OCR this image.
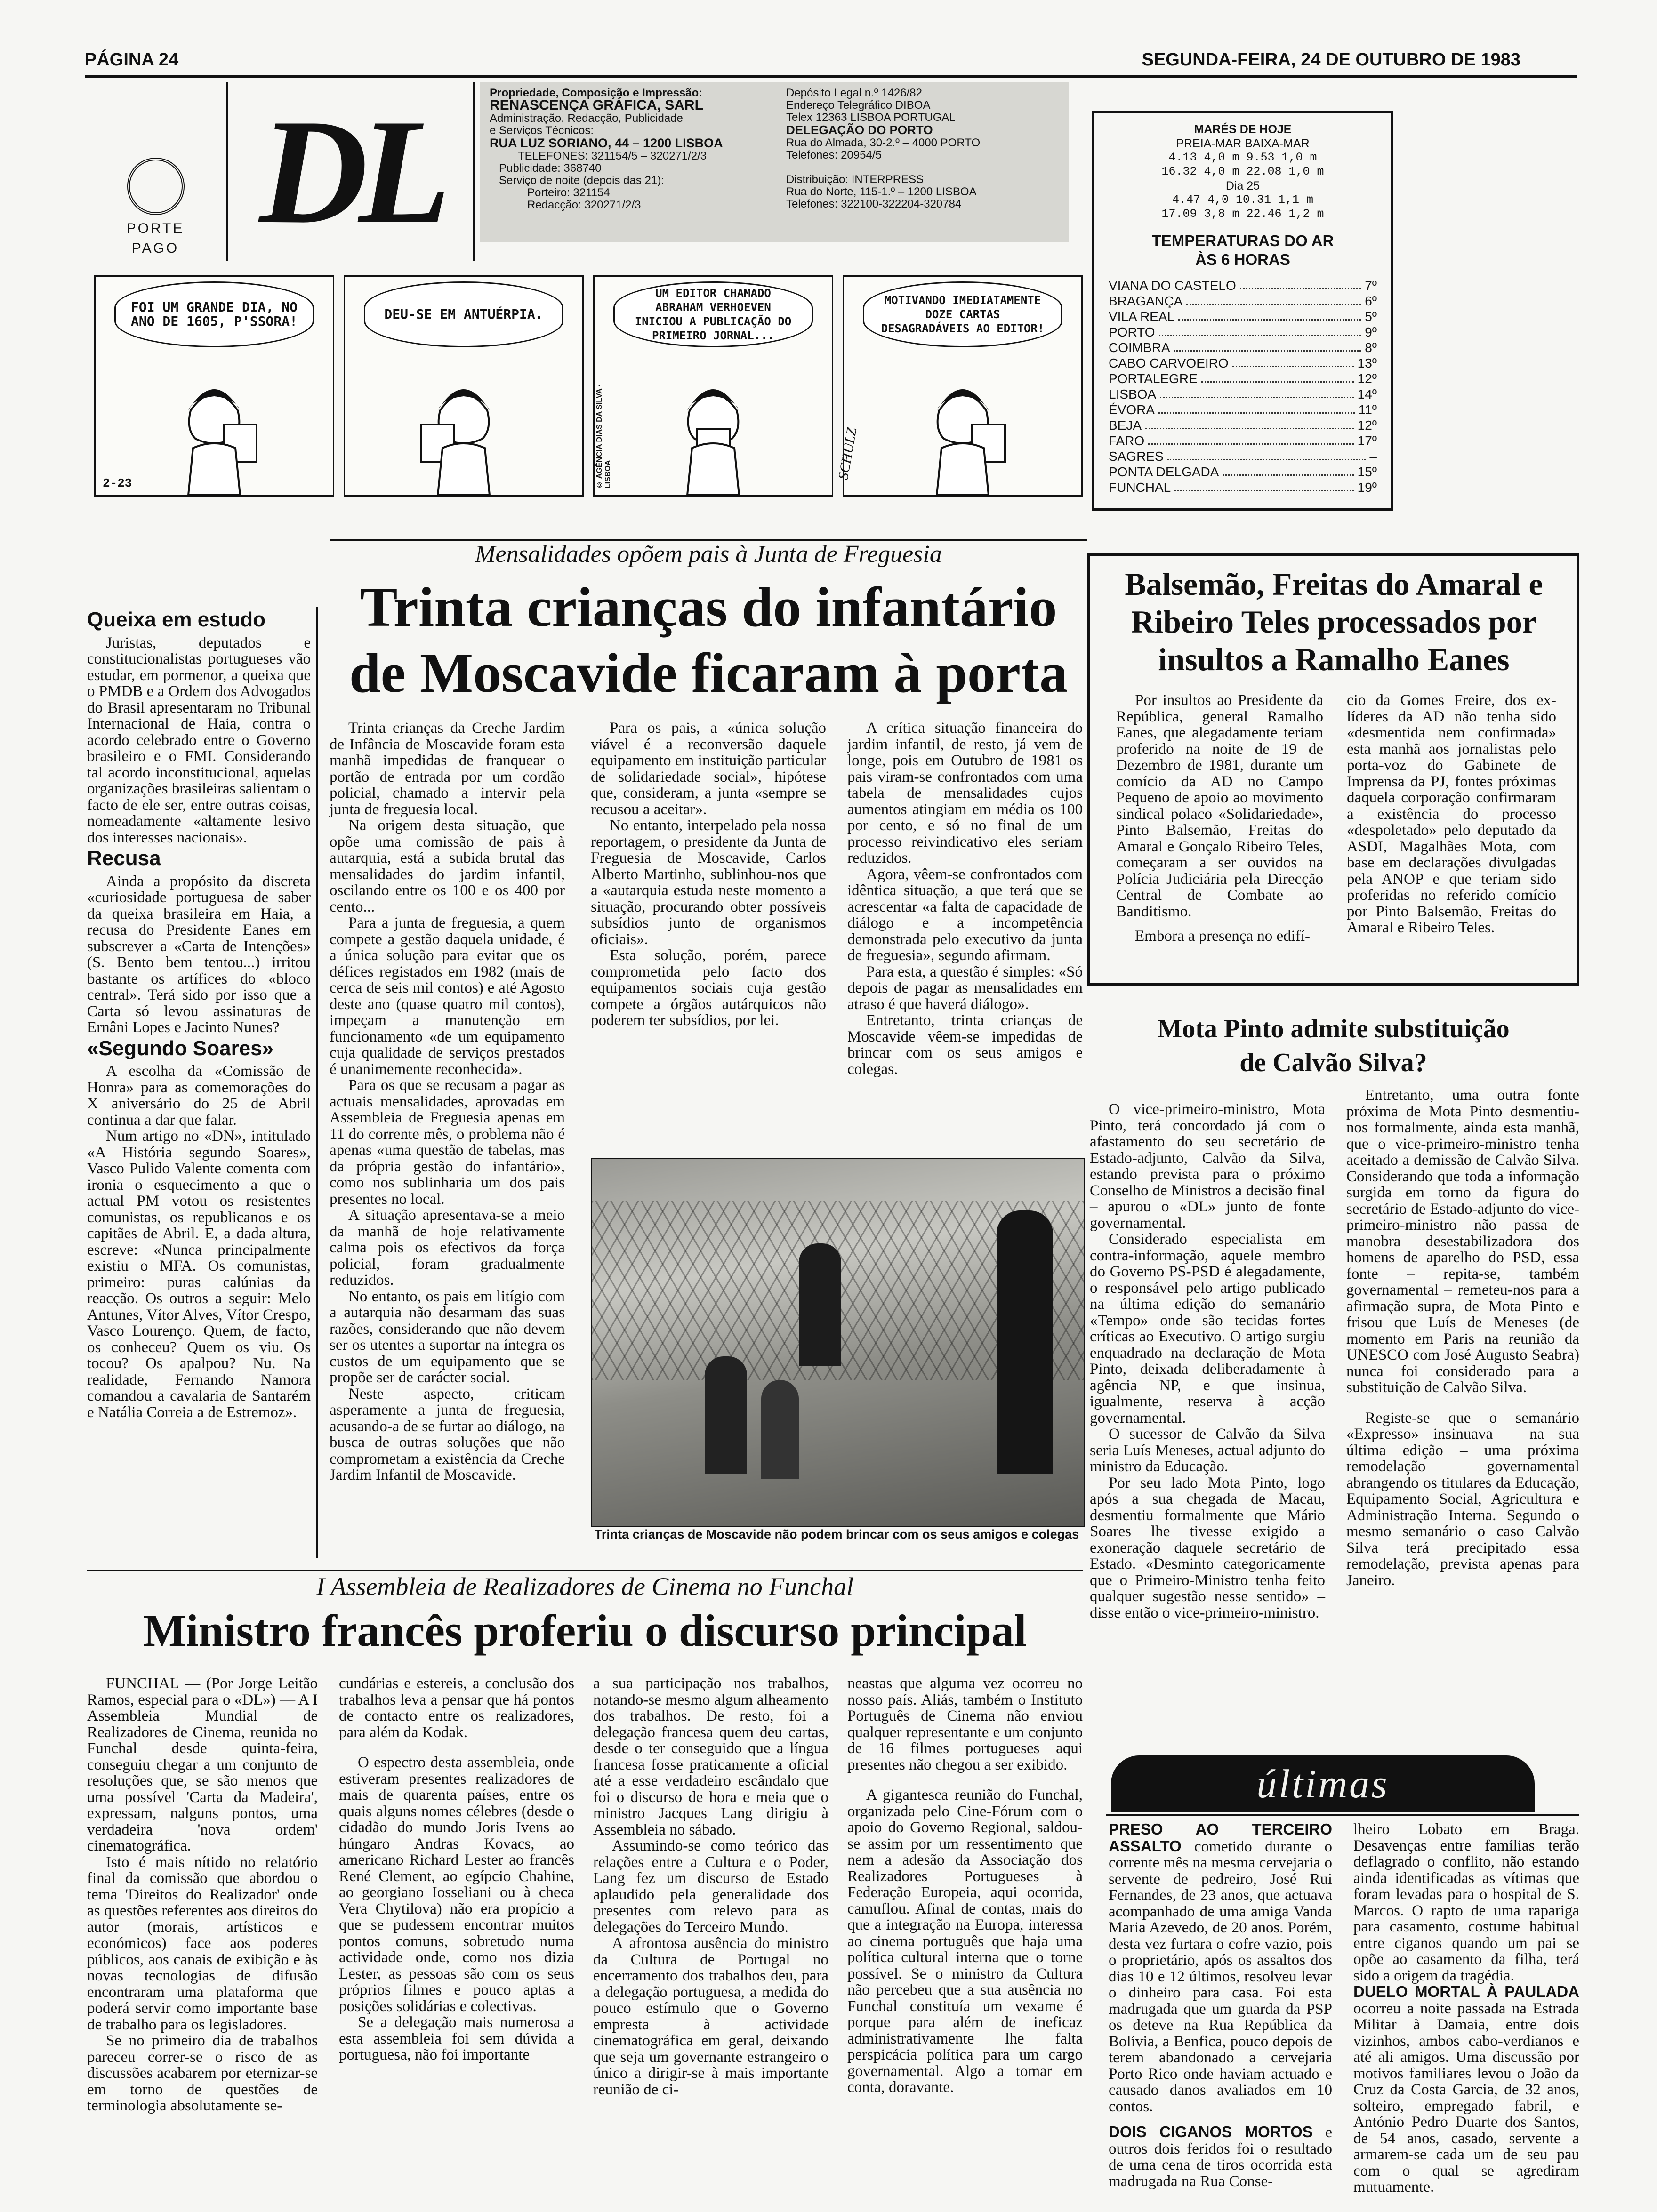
PÁGINA 24	SEGUNDA-FEIRA, 24 DE OUTUBRO DE 1983
PORTE
PAGO DL	Propriedade, Composição e Impressão:
RENASCENÇA GRÁFICA, SARL
Administração, Redacção, Publicidade
e Serviços Técnicos:
RUA LUZ SORIANO, 44 – 1200 LISBOA
TELEFONES: 321154/5 – 320271/2/3
Publicidade: 368740
Serviço de noite (depois das 21):
Porteiro: 321154
Redacção: 320271/2/3
Depósito Legal n.º 1426/82
Endereço Telegráfico DIBOA
Telex 12363 LISBOA PORTUGAL
DELEGAÇÃO DO PORTO
Rua do Almada, 30-2.º – 4000 PORTO
Telefones: 20954/5
Distribuição: INTERPRESS
Rua do Norte, 115-1.º – 1200 LISBOA
Telefones: 322100-322204-320784
MARÉS DE HOJE
PREIA-MAR BAIXA-MAR
4.13 4,0 m 9.53 1,0 m
16.32 4,0 m 22.08 1,0 m
Dia 25
4.47 4,0 10.31 1,1 m
17.09 3,8 m 22.46 1,2 m
TEMPERATURAS DO AR
ÀS 6 HORAS
VIANA DO CASTELO	7º
BRAGANÇA	6º
VILA REAL	5º
PORTO	9º
COIMBRA	8º
CABO CARVOEIRO	13º
PORTALEGRE	12º
LISBOA	14º
ÉVORA	11º
BEJA	12º
FARO	17º
SAGRES	–
PONTA DELGADA	15º
FUNCHAL	19º
FOI UM GRANDE DIA, NO ANO DE 1605, P'SSORA!
2-23
DEU-SE EM ANTUÉRPIA.
UM EDITOR CHAMADO ABRAHAM VERHOEVEN INICIOU A PUBLICAÇÃO DO PRIMEIRO JORNAL...
© AGÊNCIA DIAS DA SILVA · LISBOA
MOTIVANDO IMEDIATAMENTE DOZE CARTAS DESAGRADÁVEIS AO EDITOR!
SCHULZ
Mensalidades opõem pais à Junta de Freguesia
Trinta crianças do infantário
de Moscavide ficaram à porta
Queixa em estudo

Juristas, deputados e constitucionalistas portugueses vão estudar, em pormenor, a queixa que o PMDB e a Ordem dos Advogados do Brasil apresentaram no Tribunal Internacional de Haia, contra o acordo celebrado entre o Governo brasileiro e o FMI. Considerando tal acordo inconstitucional, aquelas organizações brasileiras salientam o facto de ele ser, entre outras coisas, nomeadamente «altamente lesivo dos interesses nacionais».

Recusa

Ainda a propósito da discreta «curiosidade portuguesa de saber da queixa brasileira em Haia, a recusa do Presidente Eanes em subscrever a «Carta de Intenções» (S. Bento bem tentou...) irritou bastante os artífices do «bloco central». Terá sido por isso que a Carta só levou assinaturas de Ernâni Lopes e Jacinto Nunes?

«Segundo Soares»

A escolha da «Comissão de Honra» para as comemorações do X aniversário do 25 de Abril continua a dar que falar.

Num artigo no «DN», intitulado «A História segundo Soares», Vasco Pulido Valente comenta com ironia o esquecimento a que o actual PM votou os resistentes comunistas, os republicanos e os capitães de Abril. E, a dada altura, escreve: «Nunca principalmente existiu o MFA. Os comunistas, primeiro: puras calúnias da reacção. Os outros a seguir: Melo Antunes, Vítor Alves, Vítor Crespo, Vasco Lourenço. Quem, de facto, os conheceu? Quem os viu. Os tocou? Os apalpou? Nu. Na realidade, Fernando Namora comandou a cavalaria de Santarém e Natália Correia a de Estremoz».

Trinta crianças da Creche Jardim de Infância de Moscavide foram esta manhã impedidas de franquear o portão de entrada por um cordão policial, chamado a intervir pela junta de freguesia local.

Na origem desta situação, que opõe uma comissão de pais à autarquia, está a subida brutal das mensalidades do jardim infantil, oscilando entre os 100 e os 400 por cento...

Para a junta de freguesia, a quem compete a gestão daquela unidade, é a única solução para evitar que os défices registados em 1982 (mais de cerca de seis mil contos) e até Agosto deste ano (quase quatro mil contos), impeçam a manutenção em funcionamento «de um equipamento cuja qualidade de serviços prestados é unanimemente reconhecida».

Para os que se recusam a pagar as actuais mensalidades, aprovadas em Assembleia de Freguesia apenas em 11 do corrente mês, o problema não é apenas «uma questão de tabelas, mas da própria gestão do infantário», como nos sublinharia um dos pais presentes no local.

A situação apresentava-se a meio da manhã de hoje relativamente calma pois os efectivos da força policial, foram gradualmente reduzidos.

No entanto, os pais em litígio com a autarquia não desarmam das suas razões, considerando que não devem ser os utentes a suportar na íntegra os custos de um equipamento que se propõe ser de carácter social.

Neste aspecto, criticam asperamente a junta de freguesia, acusando-a de se furtar ao diálogo, na busca de outras soluções que não comprometam a existência da Creche Jardim Infantil de Moscavide.

Para os pais, a «única solução viável é a reconversão daquele equipamento em instituição particular de solidariedade social», hipótese que, consideram, a junta «sempre se recusou a aceitar».

No entanto, interpelado pela nossa reportagem, o presidente da Junta de Freguesia de Moscavide, Carlos Alberto Martinho, sublinhou-nos que a «autarquia estuda neste momento a situação, procurando obter possíveis subsídios junto de organismos oficiais».

Esta solução, porém, parece comprometida pelo facto dos equipamentos sociais cuja gestão compete a órgãos autárquicos não poderem ter subsídios, por lei.

A crítica situação financeira do jardim infantil, de resto, já vem de longe, pois em Outubro de 1981 os pais viram-se confrontados com uma tabela de mensalidades cujos aumentos atingiam em média os 100 por cento, e só no final de um processo reivindicativo eles seriam reduzidos.

Agora, vêem-se confrontados com idêntica situação, a que terá que se acrescentar «a falta de capacidade de diálogo e a incompetência demonstrada pelo executivo da junta de freguesia», segundo afirmam.

Para esta, a questão é simples: «Só depois de pagar as mensalidades em atraso é que haverá diálogo».

Entretanto, trinta crianças de Moscavide vêem-se impedidas de brincar com os seus amigos e colegas.

Trinta crianças de Moscavide não podem brincar com os seus amigos e colegas
Balsemão, Freitas do Amaral e Ribeiro Teles processados por insultos a Ramalho Eanes

Por insultos ao Presidente da República, general Ramalho Eanes, que alegadamente teriam proferido na noite de 19 de Dezembro de 1981, durante um comício da AD no Campo Pequeno de apoio ao movimento sindical polaco «Solidariedade», Pinto Balsemão, Freitas do Amaral e Gonçalo Ribeiro Teles, começaram a ser ouvidos na Polícia Judiciária pela Direcção Central de Combate ao Banditismo.

Embora a presença no edifí-

cio da Gomes Freire, dos ex-líderes da AD não tenha sido «desmentida nem confirmada» esta manhã aos jornalistas pelo porta-voz do Gabinete de Imprensa da PJ, fontes próximas daquela corporação confirmaram a existência do processo «despoletado» pelo deputado da ASDI, Magalhães Mota, com base em declarações divulgadas pela ANOP e que teriam sido proferidas no referido comício por Pinto Balsemão, Freitas do Amaral e Ribeiro Teles.

Mota Pinto admite substituição
de Calvão Silva?

O vice-primeiro-ministro, Mota Pinto, terá concordado já com o afastamento do seu secretário de Estado-adjunto, Calvão da Silva, estando prevista para o próximo Conselho de Ministros a decisão final – apurou o «DL» junto de fonte governamental.

Considerado especialista em contra-informação, aquele membro do Governo PS-PSD é alegadamente, o responsável pelo artigo publicado na última edição do semanário «Tempo» onde são tecidas fortes críticas ao Executivo. O artigo surgiu enquadrado na declaração de Mota Pinto, deixada deliberadamente à agência NP, e que insinua, igualmente, reserva à acção governamental.

O sucessor de Calvão da Silva seria Luís Meneses, actual adjunto do ministro da Educação.

Por seu lado Mota Pinto, logo após a sua chegada de Macau, desmentiu formalmente que Mário Soares lhe tivesse exigido a exoneração daquele secretário de Estado. «Desminto categoricamente que o Primeiro-Ministro tenha feito qualquer sugestão nesse sentido» – disse então o vice-primeiro-ministro.

Entretanto, uma outra fonte próxima de Mota Pinto desmentiu-nos formalmente, ainda esta manhã, que o vice-primeiro-ministro tenha aceitado a demissão de Calvão Silva. Considerando que toda a informação surgida em torno da figura do secretário de Estado-adjunto do vice-primeiro-ministro não passa de manobra desestabilizadora dos homens de aparelho do PSD, essa fonte – repita-se, também governamental – remeteu-nos para a afirmação supra, de Mota Pinto e frisou que Luís de Meneses (de momento em Paris na reunião da UNESCO com José Augusto Seabra) nunca foi considerado para a substituição de Calvão Silva.

Registe-se que o semanário «Expresso» insinuava – na sua última edição – uma próxima remodelação governamental abrangendo os titulares da Educação, Equipamento Social, Agricultura e Administração Interna. Segundo o mesmo semanário o caso Calvão Silva terá precipitado essa remodelação, prevista apenas para Janeiro.

I Assembleia de Realizadores de Cinema no Funchal
Ministro francês proferiu o discurso principal

FUNCHAL — (Por Jorge Leitão Ramos, especial para o «DL») — A I Assembleia Mundial de Realizadores de Cinema, reunida no Funchal desde quinta-feira, conseguiu chegar a um conjunto de resoluções que, se são menos que uma possível 'Carta da Madeira', expressam, nalguns pontos, uma verdadeira 'nova ordem' cinematográfica.

Isto é mais nítido no relatório final da comissão que abordou o tema 'Direitos do Realizador' onde as questões referentes aos direitos do autor (morais, artísticos e económicos) face aos poderes públicos, aos canais de exibição e às novas tecnologias de difusão encontraram uma plataforma que poderá servir como importante base de trabalho para os legisladores.

Se no primeiro dia de trabalhos pareceu correr-se o risco de as discussões acabarem por eternizar-se em torno de questões de terminologia absolutamente se-

cundárias e estereis, a conclusão dos trabalhos leva a pensar que há pontos de contacto entre os realizadores, para além da Kodak.

O espectro desta assembleia, onde estiveram presentes realizadores de mais de quarenta países, entre os quais alguns nomes célebres (desde o cidadão do mundo Joris Ivens ao húngaro Andras Kovacs, ao americano Richard Lester ao francês René Clement, ao egípcio Chahine, ao georgiano Iosseliani ou à checa Vera Chytilova) não era propício a que se pudessem encontrar muitos pontos comuns, sobretudo numa actividade onde, como nos dizia Lester, as pessoas são com os seus próprios filmes e pouco aptas a posições solidárias e colectivas.

Se a delegação mais numerosa a esta assembleia foi sem dúvida a portuguesa, não foi importante

a sua participação nos trabalhos, notando-se mesmo algum alheamento dos trabalhos. De resto, foi a delegação francesa quem deu cartas, desde o ter conseguido que a língua francesa fosse praticamente a oficial até a esse verdadeiro escândalo que foi o discurso de hora e meia que o ministro Jacques Lang dirigiu à Assembleia no sábado.

Assumindo-se como teórico das relações entre a Cultura e o Poder, Lang fez um discurso de Estado aplaudido pela generalidade dos presentes com relevo para as delegações do Terceiro Mundo.

A afrontosa ausência do ministro da Cultura de Portugal no encerramento dos trabalhos deu, para a delegação portuguesa, a medida do pouco estímulo que o Governo empresta à actividade cinematográfica em geral, deixando que seja um governante estrangeiro o único a dirigir-se à mais importante reunião de ci-

neastas que alguma vez ocorreu no nosso país. Aliás, também o Instituto Português de Cinema não enviou qualquer representante e um conjunto de 16 filmes portugueses aqui presentes não chegou a ser exibido.

A gigantesca reunião do Funchal, organizada pelo Cine-Fórum com o apoio do Governo Regional, saldou-se assim por um ressentimento que nem a adesão da Associação dos Realizadores Portugueses à Federação Europeia, aqui ocorrida, camuflou. Afinal de contas, mais do que a integração na Europa, interessa ao cinema português que haja uma política cultural interna que o torne possível. Se o ministro da Cultura não percebeu que a sua ausência no Funchal constituía um vexame é porque para além de ineficaz administrativamente lhe falta perspicácia política para um cargo governamental. Algo a tomar em conta, doravante.

últimas

PRESO AO TERCEIRO ASSALTO cometido durante o corrente mês na mesma cervejaria o servente de pedreiro, José Rui Fernandes, de 23 anos, que actuava acompanhado de uma amiga Vanda Maria Azevedo, de 20 anos. Porém, desta vez furtara o cofre vazio, pois o proprietário, após os assaltos dos dias 10 e 12 últimos, resolveu levar o dinheiro para casa. Foi esta madrugada que um guarda da PSP os deteve na Rua República da Bolívia, a Benfica, pouco depois de terem abandonado a cervejaria Porto Rico onde haviam actuado e causado danos avaliados em 10 contos.

DOIS CIGANOS MORTOS e outros dois feridos foi o resultado de uma cena de tiros ocorrida esta madrugada na Rua Conse-

lheiro Lobato em Braga. Desavenças entre famílias terão deflagrado o conflito, não estando ainda identificadas as vítimas que foram levadas para o hospital de S. Marcos. O rapto de uma rapariga para casamento, costume habitual entre ciganos quando um pai se opõe ao casamento da filha, terá sido a origem da tragédia.

DUELO MORTAL À PAULADA ocorreu a noite passada na Estrada Militar à Damaia, entre dois vizinhos, ambos cabo-verdianos e até ali amigos. Uma discussão por motivos familiares levou o João da Cruz da Costa Garcia, de 32 anos, solteiro, empregado fabril, e António Pedro Duarte dos Santos, de 54 anos, casado, servente a armarem-se cada um de seu pau com o qual se agrediram mutuamente.
